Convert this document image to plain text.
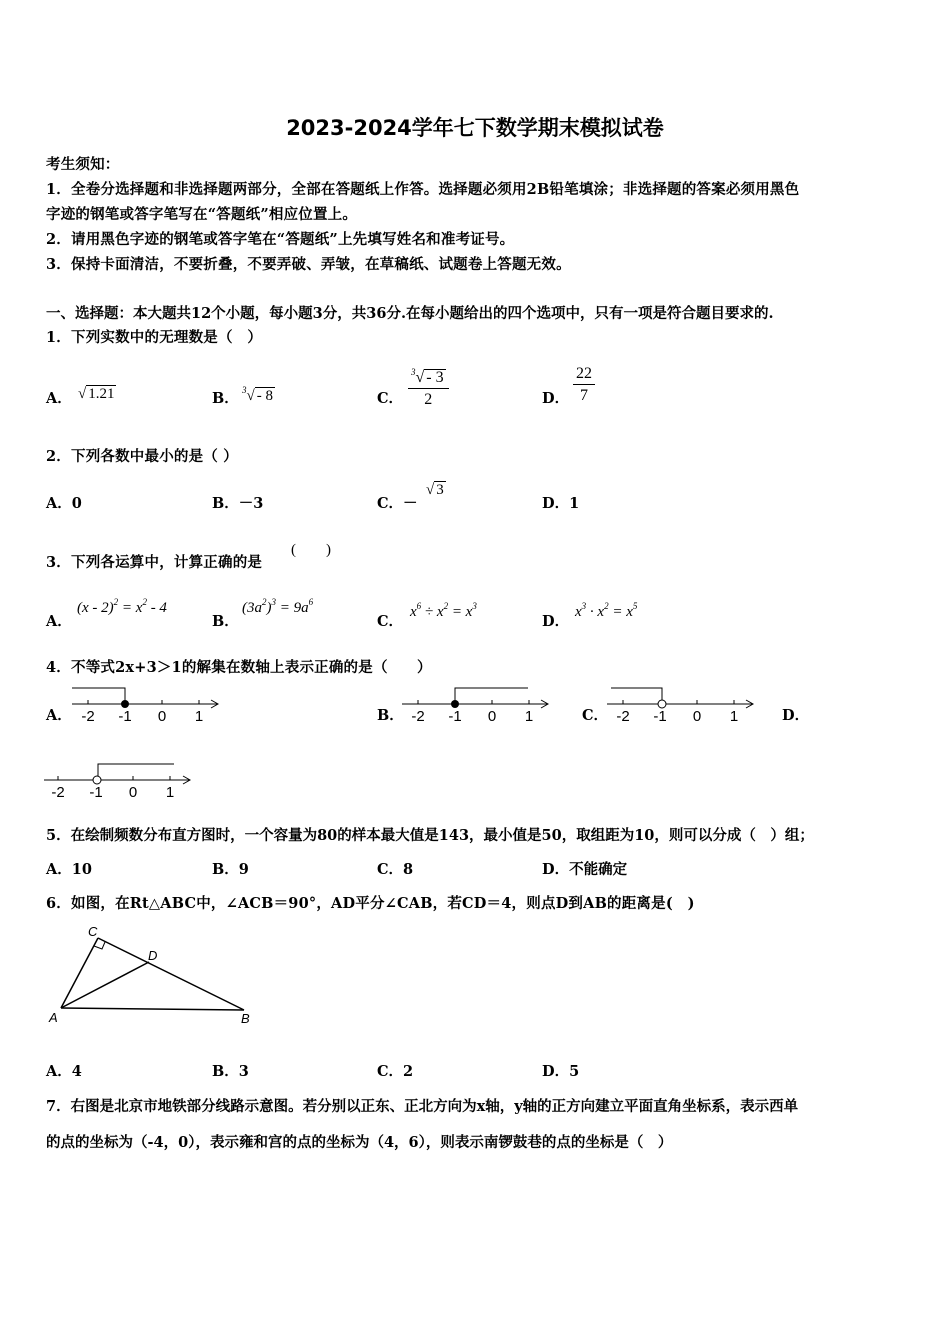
2023-2024学年七下数学期末模拟试卷
考生须知：
1．全卷分选择题和非选择题两部分，全部在答题纸上作答。选择题必须用2B铅笔填涂；非选择题的答案必须用黑色
字迹的钢笔或答字笔写在“答题纸”相应位置上。
2．请用黑色字迹的钢笔或答字笔在“答题纸”上先填写姓名和准考证号。
3．保持卡面清洁，不要折叠，不要弄破、弄皱，在草稿纸、试题卷上答题无效。
一、选择题：本大题共12个小题，每小题3分，共36分.在每小题给出的四个选项中，只有一项是符合题目要求的.
1．下列实数中的无理数是（　）
A． √ 1.21	B． $^3$√ - 8	C． $\frac{^3√ - 3}{2}$	D． $\frac{22}{7}$
2．下列各数中最小的是（ ）
A．0	B．－3	C．－
√ 3
D．1
3．下列各运算中，计算正确的是
(　　)
A．
$(x - 2)^2 = x^2 - 4$
B．
$(3a^2)^3 = 9a^6$
C．
$x^6 \div x^2 = x^3$
D．
$x^3 \cdot x^2 = x^5$
4．不等式2x+3＞1的解集在数轴上表示正确的是（　　）
A． -2 -1 0 1	B． -2 -1 0 1	C． -2 -1 0 1	D．
-2 -1 0 1
5．在绘制频数分布直方图时，一个容量为80的样本最大值是143，最小值是50，取组距为10，则可以分成（　）组；
A．10	B．9	C．8	D．不能确定
6．如图，在Rt△ABC中，∠ACB＝90°，AD平分∠CAB，若CD＝4，则点D到AB的距离是(　)
C
D
A	B
A．4	B．3	C．2	D．5
7．右图是北京市地铁部分线路示意图。若分别以正东、正北方向为x轴，y轴的正方向建立平面直角坐标系，表示西单
的点的坐标为（-4，0），表示雍和宫的点的坐标为（4，6），则表示南锣鼓巷的点的坐标是（　）
